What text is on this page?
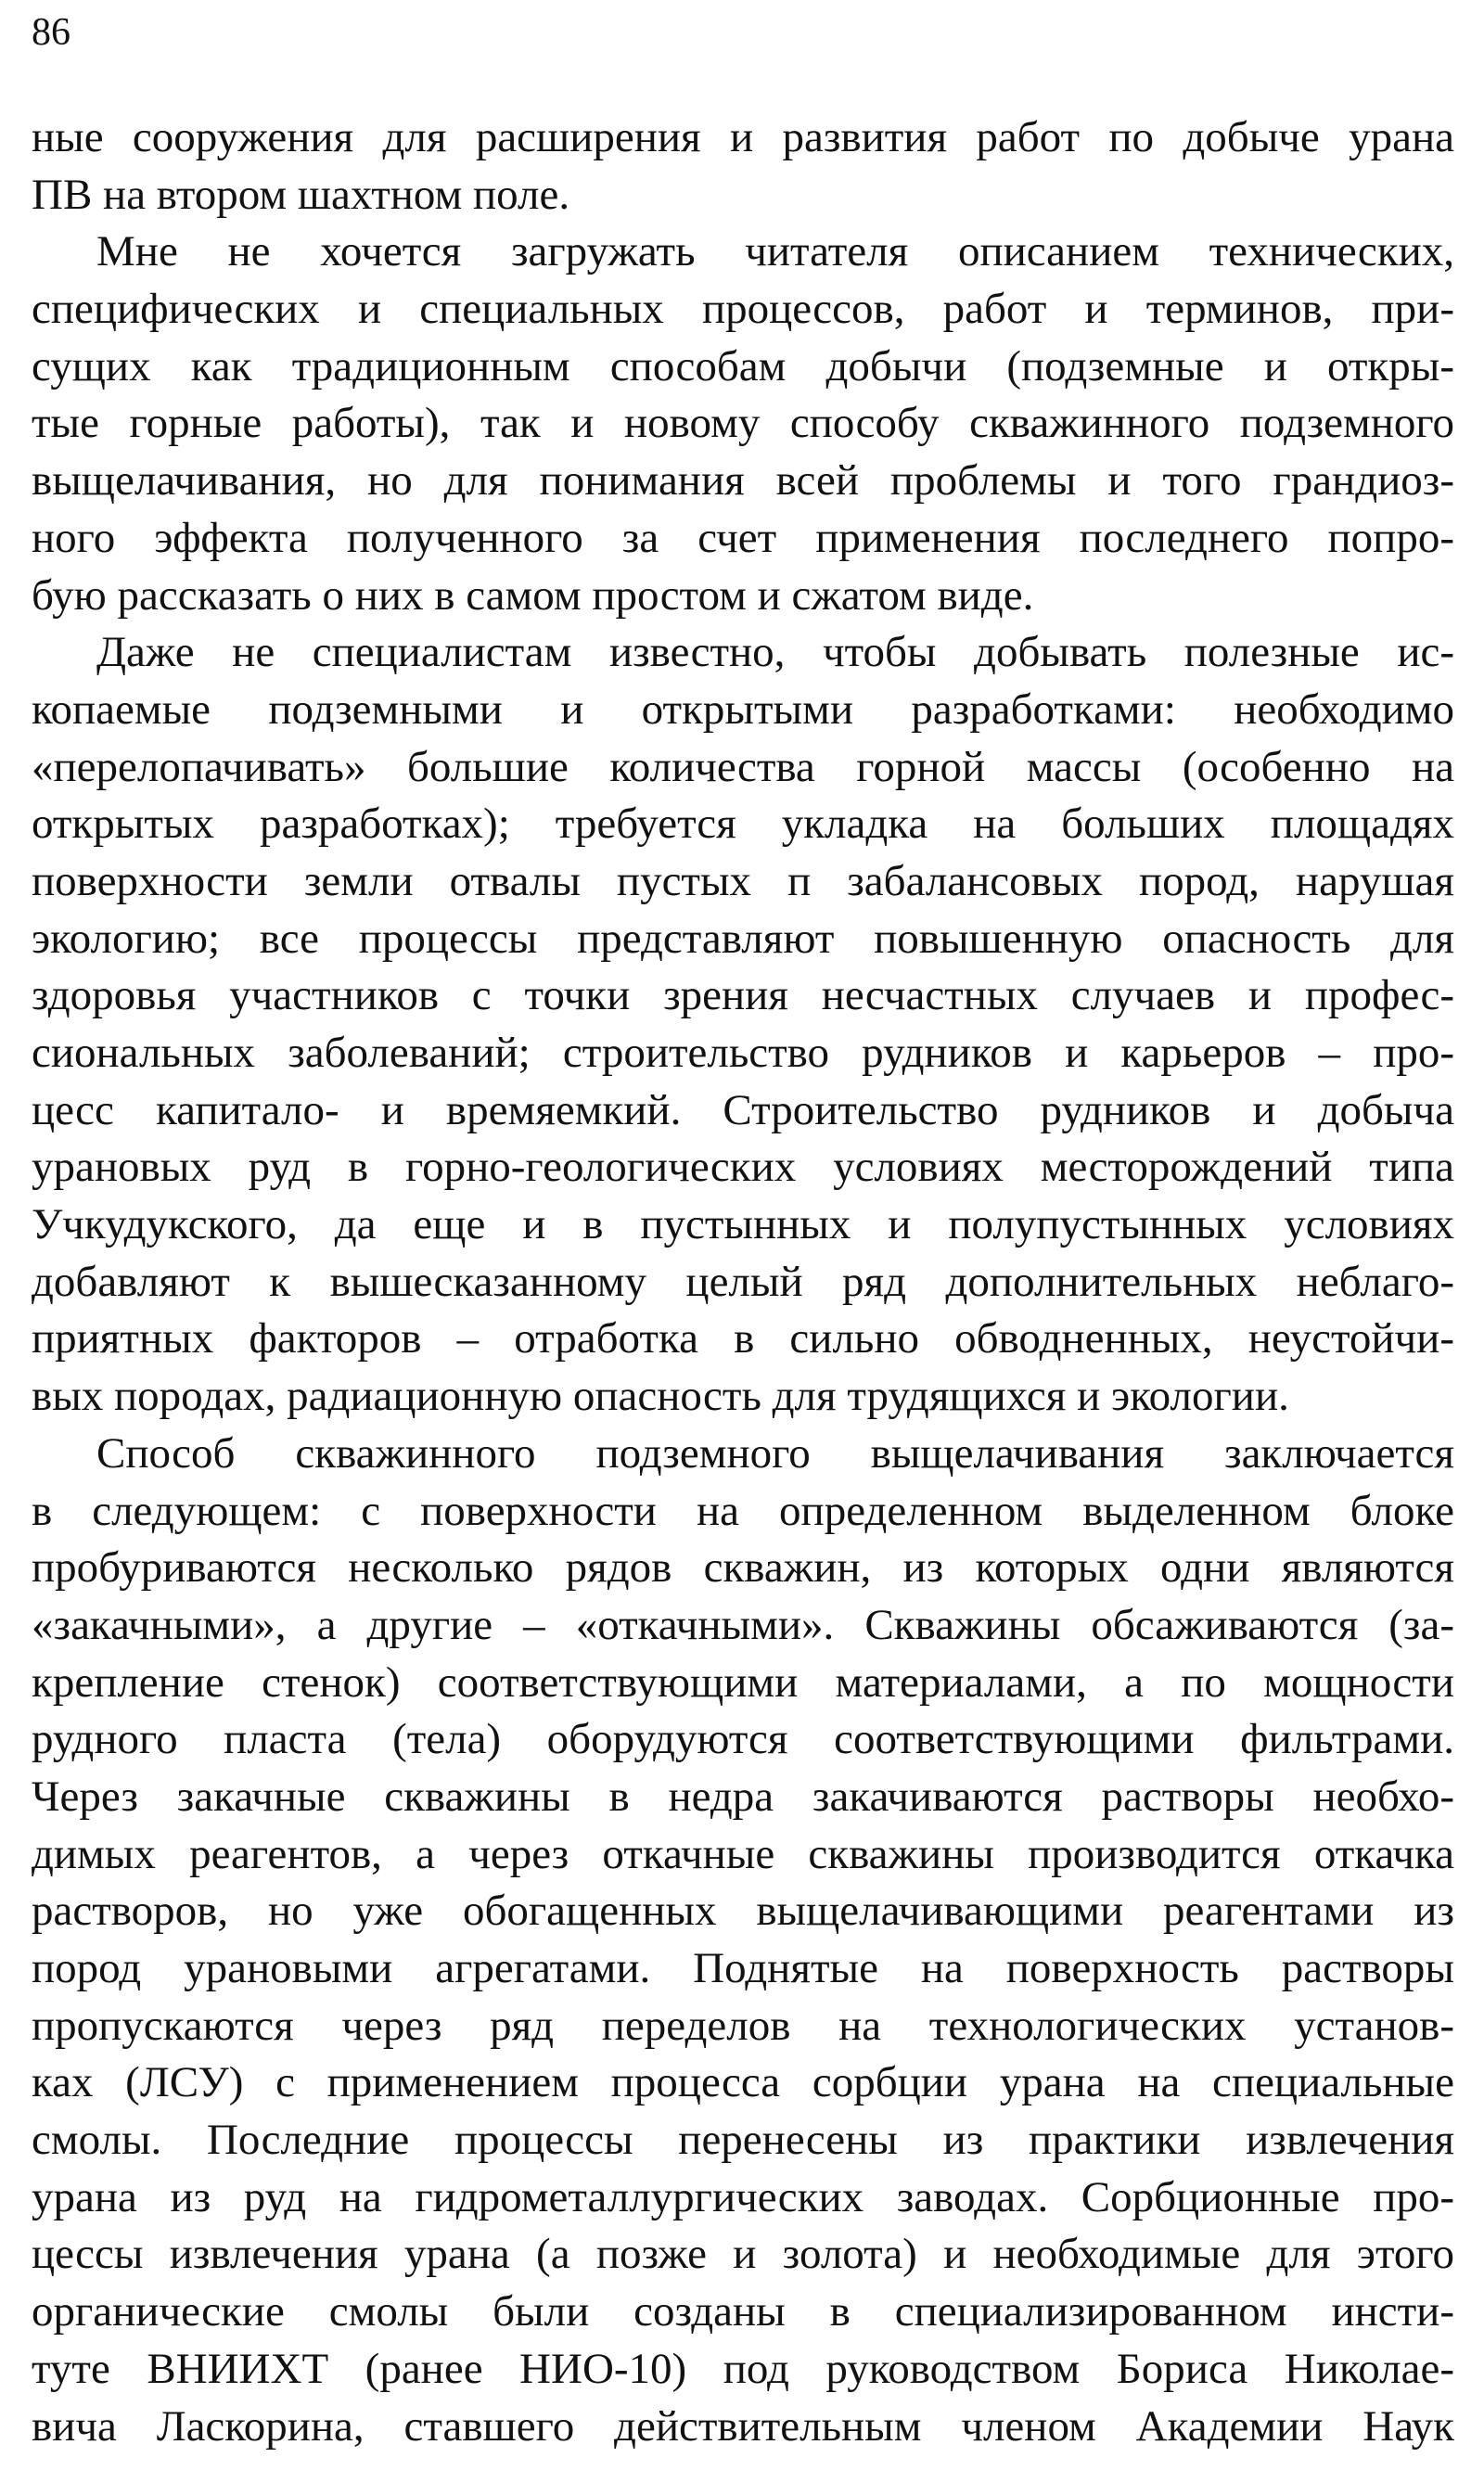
86
ные сооружения для расширения и развития работ по добыче урана
ПВ на втором шахтном поле.
Мне не хочется загружать читателя описанием технических,
специфических и специальных процессов, работ и терминов, при-
сущих как традиционным способам добычи (подземные и откры-
тые горные работы), так и новому способу скважинного подземного
выщелачивания, но для понимания всей проблемы и того грандиоз-
ного эффекта полученного за счет применения последнего попро-
бую рассказать о них в самом простом и сжатом виде.
Даже не специалистам известно, чтобы добывать полезные ис-
копаемые подземными и открытыми разработками: необходимо
«перелопачивать» большие количества горной массы (особенно на
открытых разработках); требуется укладка на больших площадях
поверхности земли отвалы пустых п забалансовых пород, нарушая
экологию; все процессы представляют повышенную опасность для
здоровья участников с точки зрения несчастных случаев и профес-
сиональных заболеваний; строительство рудников и карьеров – про-
цесс капитало- и времяемкий. Строительство рудников и добыча
урановых руд в горно-геологических условиях месторождений типа
Учкудукского, да еще и в пустынных и полупустынных условиях
добавляют к вышесказанному целый ряд дополнительных неблаго-
приятных факторов – отработка в сильно обводненных, неустойчи-
вых породах, радиационную опасность для трудящихся и экологии.
Способ скважинного подземного выщелачивания заключается
в следующем: с поверхности на определенном выделенном блоке
пробуриваются несколько рядов скважин, из которых одни являются
«закачными», а другие – «откачными». Скважины обсаживаются (за-
крепление стенок) соответствующими материалами, а по мощности
рудного пласта (тела) оборудуются соответствующими фильтрами.
Через закачные скважины в недра закачиваются растворы необхо-
димых реагентов, а через откачные скважины производится откачка
растворов, но уже обогащенных выщелачивающими реагентами из
пород урановыми агрегатами. Поднятые на поверхность растворы
пропускаются через ряд переделов на технологических установ-
ках (ЛСУ) с применением процесса сорбции урана на специальные
смолы. Последние процессы перенесены из практики извлечения
урана из руд на гидрометаллургических заводах. Сорбционные про-
цессы извлечения урана (а позже и золота) и необходимые для этого
органические смолы были созданы в специализированном инсти-
туте ВНИИХТ (ранее НИО-10) под руководством Бориса Николае-
вича Ласкорина, ставшего действительным членом Академии Наук
